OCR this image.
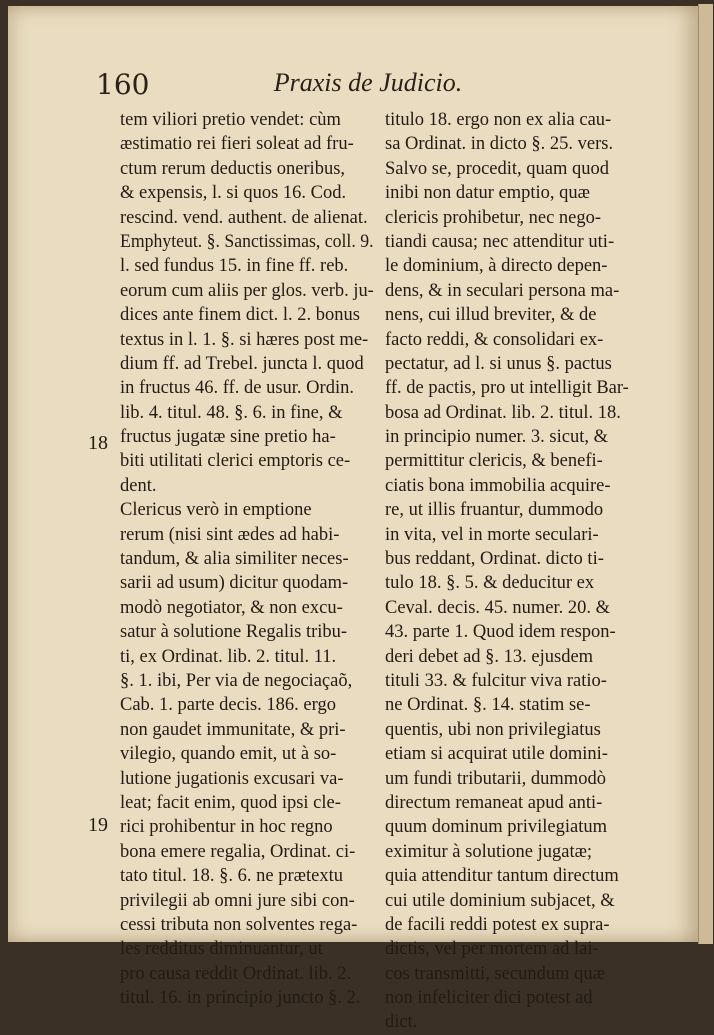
160	Praxis de Judicio.
18
19
tem viliori pretio vendet: cùm
æstimatio rei fieri soleat ad fru-
ctum rerum deductis oneribus,
& expensis, l. si quos 16. Cod.
rescind. vend. authent. de alienat.
Emphyteut. §. Sanctissimas, coll. 9.
l. sed fundus 15. in fine ff. reb.
eorum cum aliis per glos. verb. ju-
dices ante finem dict. l. 2. bonus
textus in l. 1. §. si hæres post me-
dium ff. ad Trebel. juncta l. quod
in fructus 46. ff. de usur. Ordin.
lib. 4. titul. 48. §. 6. in fine, &
fructus jugatæ sine pretio ha-
biti utilitati clerici emptoris ce-
dent.
Clericus verò in emptione
rerum (nisi sint ædes ad habi-
tandum, & alia similiter neces-
sarii ad usum) dicitur quodam-
modò negotiator, & non excu-
satur à solutione Regalis tribu-
ti, ex Ordinat. lib. 2. titul. 11.
§. 1. ibi, Per via de negociaçaõ,
Cab. 1. parte decis. 186. ergo
non gaudet immunitate, & pri-
vilegio, quando emit, ut à so-
lutione jugationis excusari va-
leat; facit enim, quod ipsi cle-
rici prohibentur in hoc regno
bona emere regalia, Ordinat. ci-
tato titul. 18. §. 6. ne prætextu
privilegii ab omni jure sibi con-
cessi tributa non solventes rega-
les redditus diminuantur, ut
pro causa reddit Ordinat. lib. 2.
titul. 16. in principio juncto §. 2.
titulo 18. ergo non ex alia cau-
sa Ordinat. in dicto §. 25. vers.
Salvo se, procedit, quam quod
inibi non datur emptio, quæ
clericis prohibetur, nec nego-
tiandi causa; nec attenditur uti-
le dominium, à directo depen-
dens, & in seculari persona ma-
nens, cui illud breviter, & de
facto reddi, & consolidari ex-
pectatur, ad l. si unus §. pactus
ff. de pactis, pro ut intelligit Bar-
bosa ad Ordinat. lib. 2. titul. 18.
in principio numer. 3. sicut, &
permittitur clericis, & benefi-
ciatis bona immobilia acquire-
re, ut illis fruantur, dummodo
in vita, vel in morte seculari-
bus reddant, Ordinat. dicto ti-
tulo 18. §. 5. & deducitur ex
Ceval. decis. 45. numer. 20. &
43. parte 1. Quod idem respon-
deri debet ad §. 13. ejusdem
tituli 33. & fulcitur viva ratio-
ne Ordinat. §. 14. statim se-
quentis, ubi non privilegiatus
etiam si acquirat utile domini-
um fundi tributarii, dummodò
directum remaneat apud anti-
quum dominum privilegiatum
eximitur à solutione jugatæ;
quia attenditur tantum directum
cui utile dominium subjacet, &
de facili reddi potest ex supra-
dictis, vel per mortem ad lai-
cos transmitti, secundum quæ
non infeliciter dici potest ad
dict.
